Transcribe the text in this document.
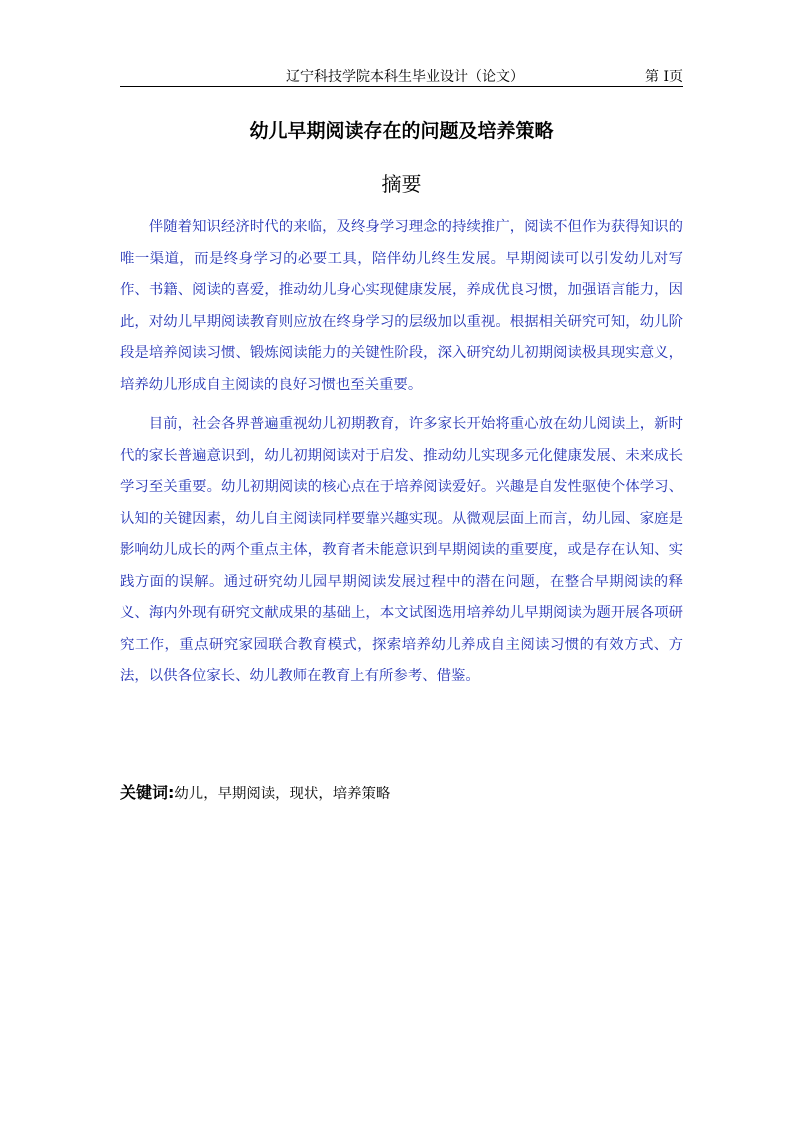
辽宁科技学院本科生毕业设计（论文）	第 I页
幼儿早期阅读存在的问题及培养策略
摘要

伴随着知识经济时代的来临，及终身学习理念的持续推广，阅读不但作为获得知识的唯一渠道，而是终身学习的必要工具，陪伴幼儿终生发展。早期阅读可以引发幼儿对写作、书籍、阅读的喜爱，推动幼儿身心实现健康发展，养成优良习惯，加强语言能力，因此，对幼儿早期阅读教育则应放在终身学习的层级加以重视。根据相关研究可知，幼儿阶段是培养阅读习惯、锻炼阅读能力的关键性阶段，深入研究幼儿初期阅读极具现实意义，培养幼儿形成自主阅读的良好习惯也至关重要。

目前，社会各界普遍重视幼儿初期教育，许多家长开始将重心放在幼儿阅读上，新时代的家长普遍意识到，幼儿初期阅读对于启发、推动幼儿实现多元化健康发展、未来成长学习至关重要。幼儿初期阅读的核心点在于培养阅读爱好。兴趣是自发性驱使个体学习、认知的关键因素，幼儿自主阅读同样要靠兴趣实现。从微观层面上而言，幼儿园、家庭是影响幼儿成长的两个重点主体，教育者未能意识到早期阅读的重要度，或是存在认知、实践方面的误解。通过研究幼儿园早期阅读发展过程中的潜在问题，在整合早期阅读的释义、海内外现有研究文献成果的基础上，本文试图选用培养幼儿早期阅读为题开展各项研究工作，重点研究家园联合教育模式，探索培养幼儿养成自主阅读习惯的有效方式、方法，以供各位家长、幼儿教师在教育上有所参考、借鉴。

关键词:幼儿，早期阅读，现状，培养策略
